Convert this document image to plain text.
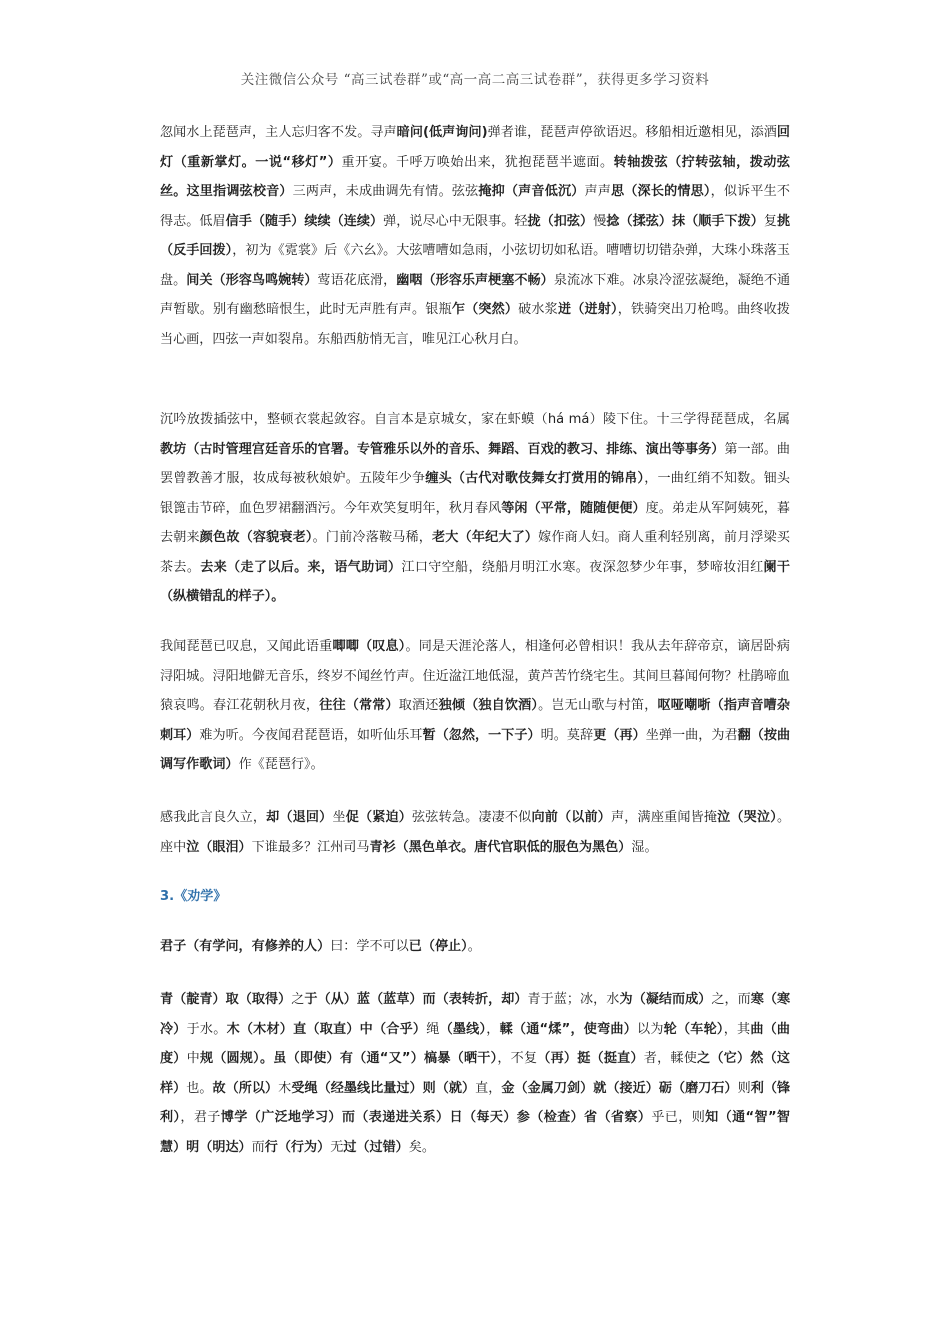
关注微信公众号 “高三试卷群”或“高一高二高三试卷群”，获得更多学习资料
忽闻水上琵琶声，主人忘归客不发。寻声暗问(低声询问)弹者谁，琵琶声停欲语迟。移船相近邀相见，添酒回灯（重新掌灯。一说“移灯”）重开宴。千呼万唤始出来，犹抱琵琶半遮面。转轴拨弦（拧转弦轴，拨动弦丝。这里指调弦校音）三两声，未成曲调先有情。弦弦掩抑（声音低沉）声声思（深长的情思），似诉平生不得志。低眉信手（随手）续续（连续）弹，说尽心中无限事。轻拢（扣弦）慢捻（揉弦）抹（顺手下拨）复挑（反手回拨），初为《霓裳》后《六幺》。大弦嘈嘈如急雨，小弦切切如私语。嘈嘈切切错杂弹，大珠小珠落玉盘。间关（形容鸟鸣婉转）莺语花底滑，幽咽（形容乐声梗塞不畅）泉流冰下难。冰泉冷涩弦凝绝，凝绝不通声暂歇。别有幽愁暗恨生，此时无声胜有声。银瓶乍（突然）破水浆迸（迸射），铁骑突出刀枪鸣。曲终收拨当心画，四弦一声如裂帛。东船西舫悄无言，唯见江心秋月白。
沉吟放拨插弦中，整顿衣裳起敛容。自言本是京城女，家在虾蟆（há má）陵下住。十三学得琵琶成，名属教坊（古时管理宫廷音乐的官署。专管雅乐以外的音乐、舞蹈、百戏的教习、排练、演出等事务）第一部。曲罢曾教善才服，妆成每被秋娘妒。五陵年少争缠头（古代对歌伎舞女打赏用的锦帛），一曲红绡不知数。钿头银篦击节碎，血色罗裙翻酒污。今年欢笑复明年，秋月春风等闲（平常，随随便便）度。弟走从军阿姨死，暮去朝来颜色故（容貌衰老）。门前冷落鞍马稀，老大（年纪大了）嫁作商人妇。商人重利轻别离，前月浮梁买茶去。去来（走了以后。来，语气助词）江口守空船，绕船月明江水寒。夜深忽梦少年事，梦啼妆泪红阑干（纵横错乱的样子）。
我闻琵琶已叹息，又闻此语重唧唧（叹息）。同是天涯沦落人，相逢何必曾相识！我从去年辞帝京，谪居卧病浔阳城。浔阳地僻无音乐，终岁不闻丝竹声。住近湓江地低湿，黄芦苦竹绕宅生。其间旦暮闻何物？杜鹃啼血猿哀鸣。春江花朝秋月夜，往往（常常）取酒还独倾（独自饮酒）。岂无山歌与村笛，呕哑嘲哳（指声音嘈杂刺耳）难为听。今夜闻君琵琶语，如听仙乐耳暂（忽然，一下子）明。莫辞更（再）坐弹一曲，为君翻（按曲调写作歌词）作《琵琶行》。
感我此言良久立，却（退回）坐促（紧迫）弦弦转急。凄凄不似向前（以前）声，满座重闻皆掩泣（哭泣）。座中泣（眼泪）下谁最多？江州司马青衫（黑色单衣。唐代官职低的服色为黑色）湿。
3.《劝学》
君子（有学问，有修养的人）曰：学不可以已（停止）。
青（靛青）取（取得）之于（从）蓝（蓝草）而（表转折，却）青于蓝；冰，水为（凝结而成）之，而寒（寒冷）于水。木（木材）直（取直）中（合乎）绳（墨线），輮（通“煣”，使弯曲）以为轮（车轮），其曲（曲度）中规（圆规）。虽（即使）有（通“又”）槁暴（晒干），不复（再）挺（挺直）者，輮使之（它）然（这样）也。故（所以）木受绳（经墨线比量过）则（就）直，金（金属刀剑）就（接近）砺（磨刀石）则利（锋利），君子博学（广泛地学习）而（表递进关系）日（每天）参（检查）省（省察）乎已，则知（通“智”智慧）明（明达）而行（行为）无过（过错）矣。
